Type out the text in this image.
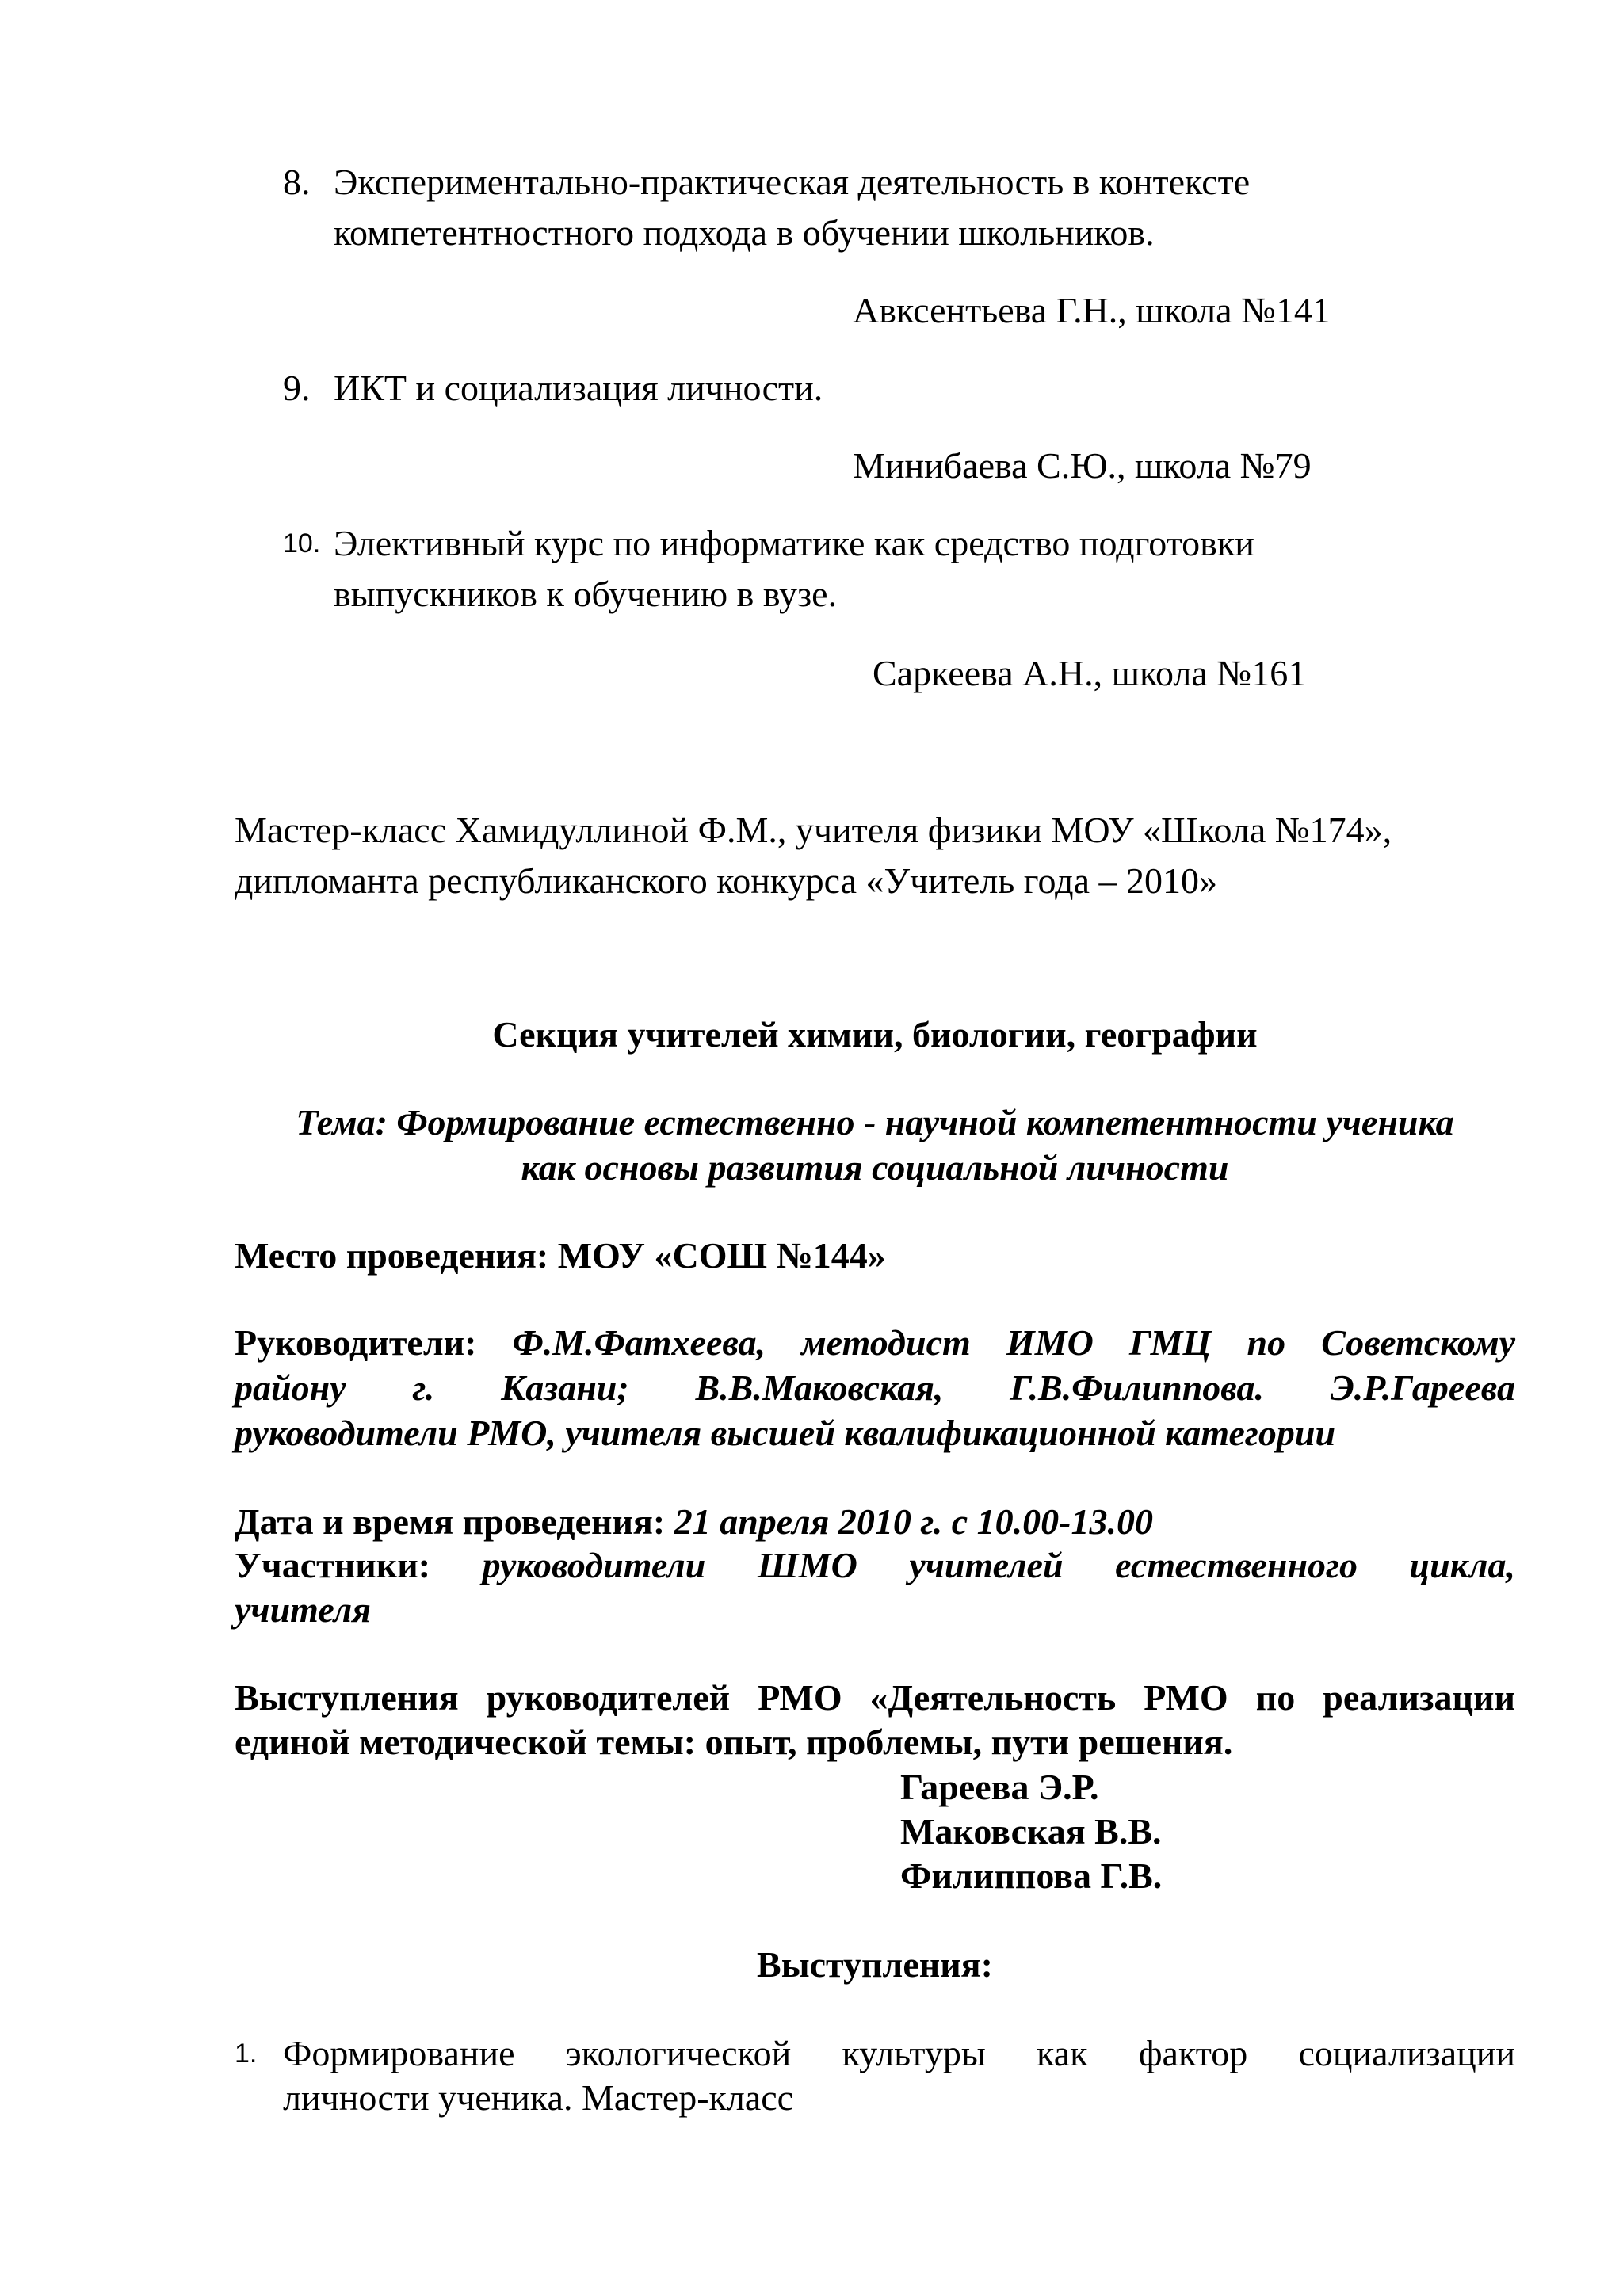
8. Экспериментально-практическая деятельность в контексте
компетентностного подхода в обучении школьников.
Авксентьева Г.Н., школа №141
9. ИКТ и социализация личности.
Минибаева С.Ю., школа №79
10. Элективный курс по информатике как средство подготовки
выпускников к обучению в вузе.
Саркеева А.Н., школа №161
Мастер-класс Хамидуллиной Ф.М., учителя физики МОУ «Школа №174»,
дипломанта республиканского конкурса «Учитель года – 2010»
Секция учителей химии, биологии, географии
Тема: Формирование естественно - научной компетентности ученика
как основы развития социальной личности
Место проведения: МОУ «СОШ №144»
Руководители: Ф.М.Фатхеева, методист ИМО ГМЦ по Советскому
району г. Казани; В.В.Маковская, Г.В.Филиппова. Э.Р.Гареева
руководители РМО, учителя высшей квалификационной категории
Дата и время проведения: 21 апреля 2010 г. с 10.00-13.00
Участники: руководители ШМО учителей естественного цикла,
учителя
Выступления руководителей РМО «Деятельность РМО по реализации
единой методической темы: опыт, проблемы, пути решения.
Гареева Э.Р.
Маковская В.В.
Филиппова Г.В.
Выступления:
1. Формирование экологической культуры как фактор социализации
личности ученика. Мастер-класс
